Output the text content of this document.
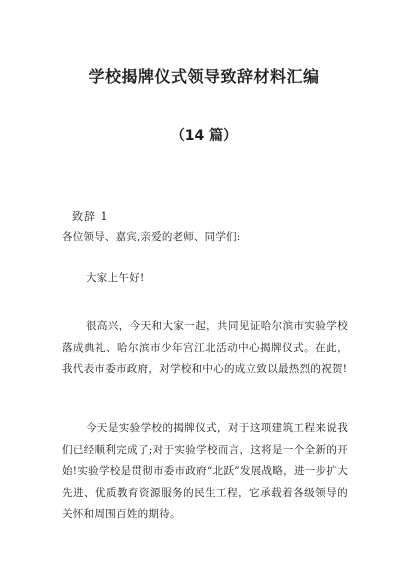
学校揭牌仪式领导致辞材料汇编
（14 篇）
致辞 1
各位领导、嘉宾,亲爱的老师、同学们:

大家上午好!

很高兴，今天和大家一起，共同见证哈尔滨市实验学校落成典礼、哈尔滨市少年宫江北活动中心揭牌仪式。在此，我代表市委市政府，对学校和中心的成立致以最热烈的祝贺!

今天是实验学校的揭牌仪式，对于这项建筑工程来说我们已经顺利完成了;对于实验学校而言，这将是一个全新的开始!实验学校是贯彻市委市政府“北跃”发展战略，进一步扩大先进、优质教育资源服务的民生工程，它承载着各级领导的关怀和周围百姓的期待。
